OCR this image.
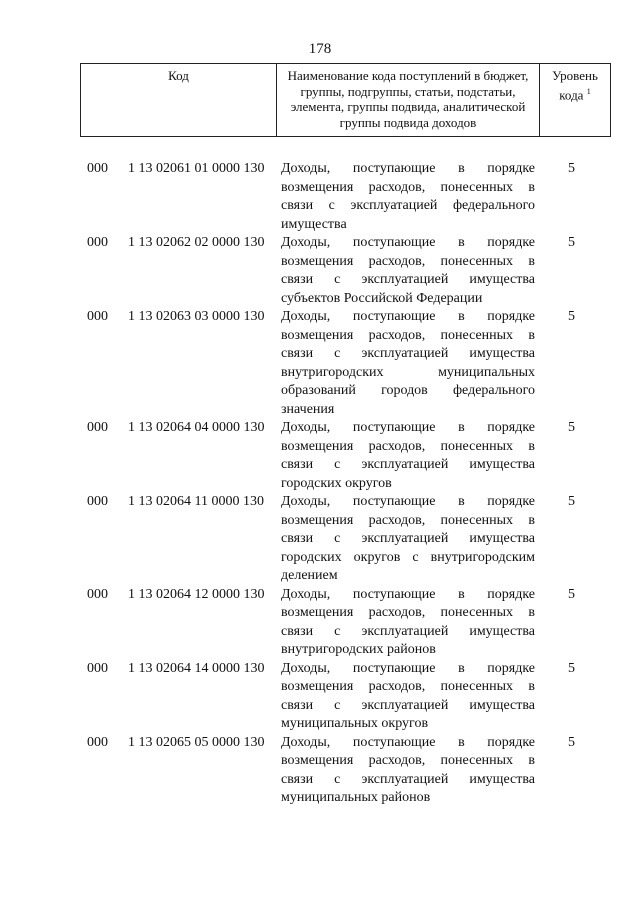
178
Код	Наименование кода поступлений в бюджет, группы, подгруппы, статьи, подстатьи, элемента, группы подвида, аналитической группы подвида доходов
Уровень кода $^1$
000 1 13 02061 01 0000 130 Доходы, поступающие в порядке возмещения расходов, понесенных в связи с эксплуатацией федерального имущества
5
000 1 13 02062 02 0000 130 Доходы, поступающие в порядке возмещения расходов, понесенных в связи с эксплуатацией имущества субъектов Российской Федерации
5
000 1 13 02063 03 0000 130 Доходы, поступающие в порядке возмещения расходов, понесенных в связи с эксплуатацией имущества внутригородских муниципальных образований городов федерального значения
5
000 1 13 02064 04 0000 130 Доходы, поступающие в порядке возмещения расходов, понесенных в связи с эксплуатацией имущества городских округов
5
000 1 13 02064 11 0000 130 Доходы, поступающие в порядке возмещения расходов, понесенных в связи с эксплуатацией имущества городских округов с внутригородским делением
5
000 1 13 02064 12 0000 130 Доходы, поступающие в порядке возмещения расходов, понесенных в связи с эксплуатацией имущества внутригородских районов
5
000 1 13 02064 14 0000 130 Доходы, поступающие в порядке возмещения расходов, понесенных в связи с эксплуатацией имущества муниципальных округов
5
000 1 13 02065 05 0000 130 Доходы, поступающие в порядке возмещения расходов, понесенных в связи с эксплуатацией имущества муниципальных районов
5
